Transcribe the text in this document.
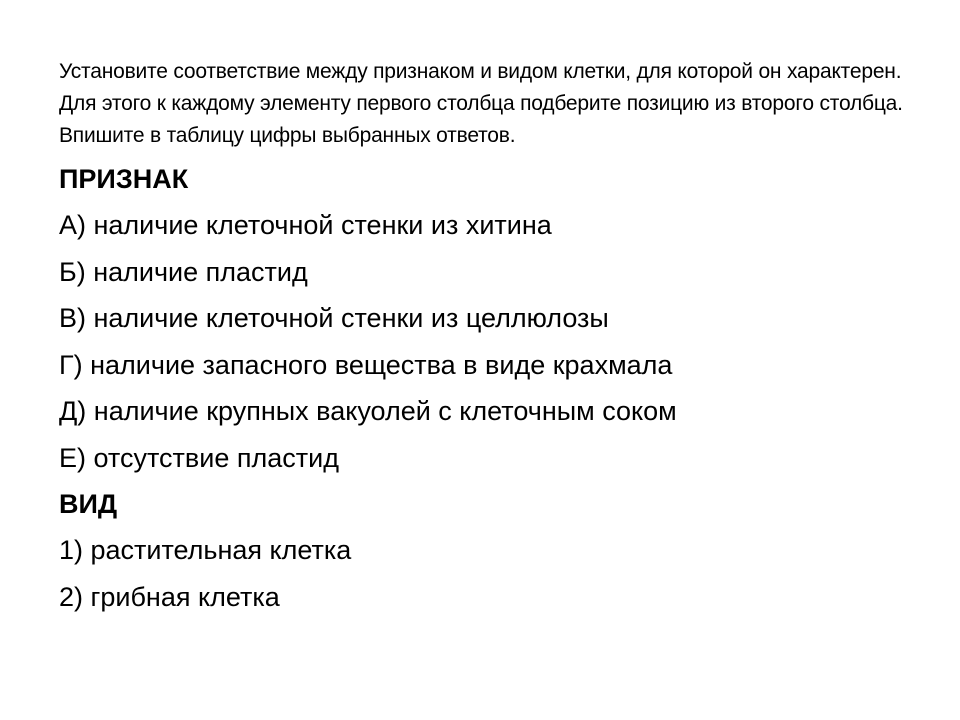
Установите соответствие между признаком и видом клетки, для которой он характерен. Для этого к каждому элементу первого столбца подберите позицию из второго столбца. Впишите в таблицу цифры выбранных ответов.

ПРИЗНАК

А) наличие клеточной стенки из хитина

Б) наличие пластид

В) наличие клеточной стенки из целлюлозы

Г) наличие запасного вещества в виде крахмала

Д) наличие крупных вакуолей с клеточным соком

Е) отсутствие пластид

ВИД

1) растительная клетка

2) грибная клетка
